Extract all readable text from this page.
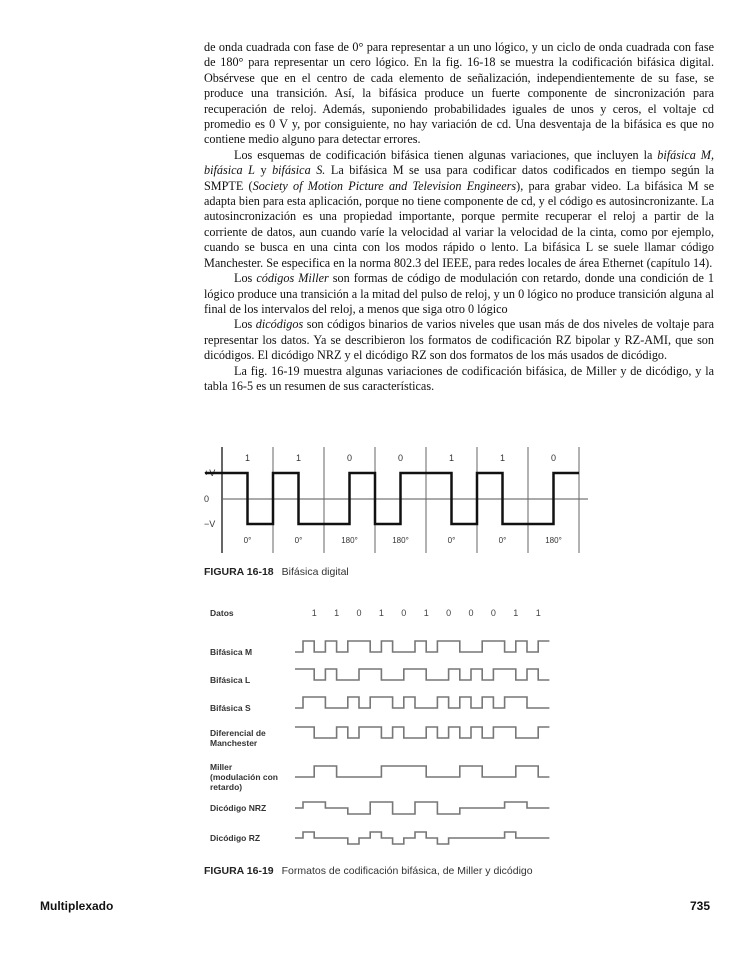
de onda cuadrada con fase de 0° para representar a un uno lógico, y un ciclo de onda cuadrada con fase de 180° para representar un cero lógico. En la fig. 16-18 se muestra la codificación bifásica digital. Obsérvese que en el centro de cada elemento de señalización, independientemente de su fase, se produce una transición. Así, la bifásica produce un fuerte componente de sincronización para recuperación de reloj. Además, suponiendo probabilidades iguales de unos y ceros, el voltaje cd promedio es 0 V y, por consiguiente, no hay variación de cd. Una desventaja de la bifásica es que no contiene medio alguno para detectar errores.

Los esquemas de codificación bifásica tienen algunas variaciones, que incluyen la bifásica M, bifásica L y bifásica S. La bifásica M se usa para codificar datos codificados en tiempo según la SMPTE (Society of Motion Picture and Television Engineers), para grabar video. La bifásica M se adapta bien para esta aplicación, porque no tiene componente de cd, y el código es autosincronizante. La autosincronización es una propiedad importante, porque permite recuperar el reloj a partir de la corriente de datos, aun cuando varíe la velocidad al variar la velocidad de la cinta, como por ejemplo, cuando se busca en una cinta con los modos rápido o lento. La bifásica L se suele llamar código Manchester. Se especifica en la norma 802.3 del IEEE, para redes locales de área Ethernet (capítulo 14).

Los códigos Miller son formas de código de modulación con retardo, donde una condición de 1 lógico produce una transición a la mitad del pulso de reloj, y un 0 lógico no produce transición alguna al final de los intervalos del reloj, a menos que siga otro 0 lógico

Los dicódigos son códigos binarios de varios niveles que usan más de dos niveles de voltaje para representar los datos. Ya se describieron los formatos de codificación RZ bipolar y RZ-AMI, que son dicódigos. El dicódigo NRZ y el dicódigo RZ son dos formatos de los más usados de dicódigo.

La fig. 16-19 muestra algunas variaciones de codificación bifásica, de Miller y de dicódigo, y la tabla 16-5 es un resumen de sus características.

+V
0
−V
1
0°
1
0°
0
180°
0
180°
1
0°
1
0°
0
180°
FIGURA 16-18 Bifásica digital
Datos
Bifásica M
Bifásica L
Bifásica S
Diferencial de Manchester
Miller (modulación con retardo)
Dicódigo NRZ
Dicódigo RZ
1 1 0 1 0 1 0 0 0 1 1
FIGURA 16-19 Formatos de codificación bifásica, de Miller y dicódigo
Multiplexado	735
